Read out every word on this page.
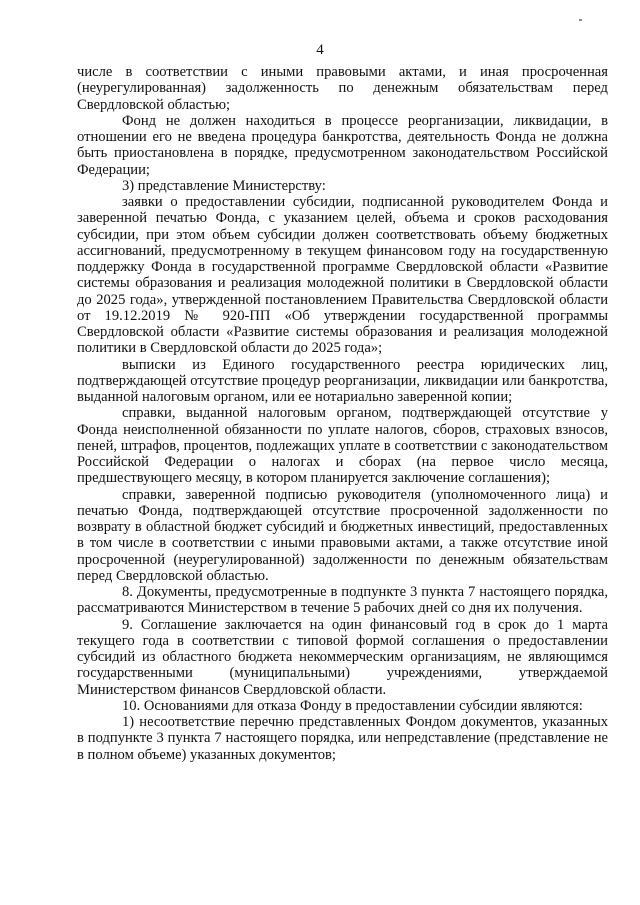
4

числе в соответствии с иными правовыми актами, и иная просроченная (неурегулированная) задолженность по денежным обязательствам перед Свердловской областью;

Фонд не должен находиться в процессе реорганизации, ликвидации, в отношении его не введена процедура банкротства, деятельность Фонда не должна быть приостановлена в порядке, предусмотренном законодательством Российской Федерации;

3) представление Министерству:

заявки о предоставлении субсидии, подписанной руководителем Фонда и заверенной печатью Фонда, с указанием целей, объема и сроков расходования субсидии, при этом объем субсидии должен соответствовать объему бюджетных ассигнований, предусмотренному в текущем финансовом году на государственную поддержку Фонда в государственной программе Свердловской области «Развитие системы образования и реализация молодежной политики в Свердловской области до 2025 года», утвержденной постановлением Правительства Свердловской области от 19.12.2019 № 920-ПП «Об утверждении государственной программы Свердловской области «Развитие системы образования и реализация молодежной политики в Свердловской области до 2025 года»;

выписки из Единого государственного реестра юридических лиц, подтверждающей отсутствие процедур реорганизации, ликвидации или банкротства, выданной налоговым органом, или ее нотариально заверенной копии;

справки, выданной налоговым органом, подтверждающей отсутствие у Фонда неисполненной обязанности по уплате налогов, сборов, страховых взносов, пеней, штрафов, процентов, подлежащих уплате в соответствии с законодательством Российской Федерации о налогах и сборах (на первое число месяца, предшествующего месяцу, в котором планируется заключение соглашения);

справки, заверенной подписью руководителя (уполномоченного лица) и печатью Фонда, подтверждающей отсутствие просроченной задолженности по возврату в областной бюджет субсидий и бюджетных инвестиций, предоставленных в том числе в соответствии с иными правовыми актами, а также отсутствие иной просроченной (неурегулированной) задолженности по денежным обязательствам перед Свердловской областью.

8. Документы, предусмотренные в подпункте 3 пункта 7 настоящего порядка, рассматриваются Министерством в течение 5 рабочих дней со дня их получения.

9. Соглашение заключается на один финансовый год в срок до 1 марта текущего года в соответствии с типовой формой соглашения о предоставлении субсидий из областного бюджета некоммерческим организациям, не являющимся государственными (муниципальными) учреждениями, утверждаемой Министерством финансов Свердловской области.

10. Основаниями для отказа Фонду в предоставлении субсидии являются:

1) несоответствие перечню представленных Фондом документов, указанных в подпункте 3 пункта 7 настоящего порядка, или непредставление (представление не в полном объеме) указанных документов;
